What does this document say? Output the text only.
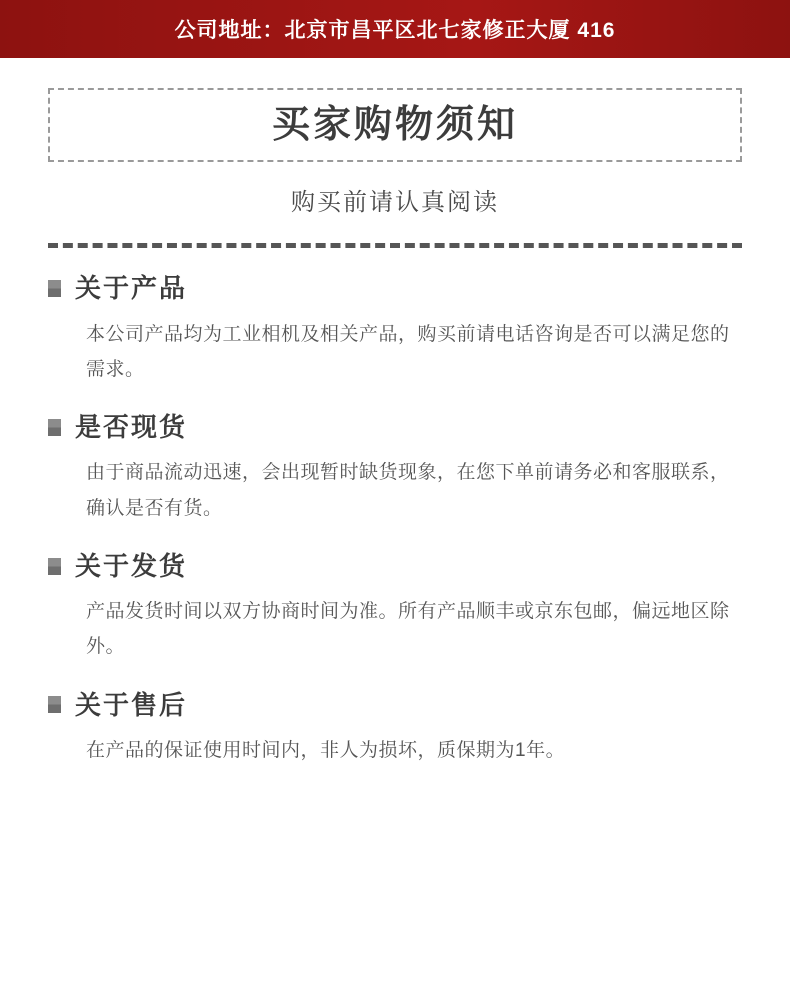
公司地址：北京市昌平区北七家修正大厦 416
买家购物须知
购买前请认真阅读
关于产品
本公司产品均为工业相机及相关产品，购买前请电话咨询是否可以满足您的需求。
是否现货
由于商品流动迅速，会出现暂时缺货现象，在您下单前请务必和客服联系，确认是否有货。
关于发货
产品发货时间以双方协商时间为准。所有产品顺丰或京东包邮，偏远地区除外。
关于售后
在产品的保证使用时间内，非人为损坏，质保期为1年。
